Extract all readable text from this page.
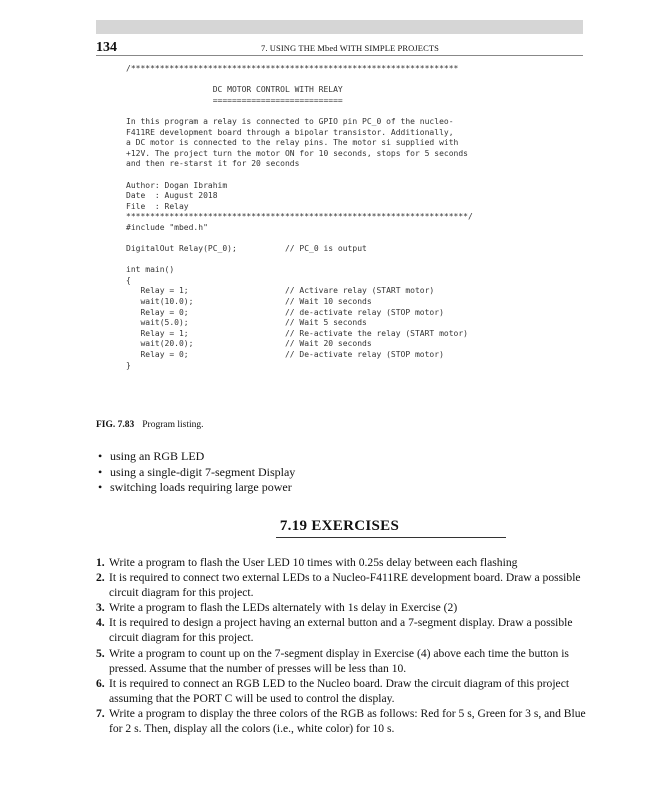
134	7. USING THE Mbed WITH SIMPLE PROJECTS
/********************************************************************

DC MOTOR CONTROL WITH RELAY
===========================

In this program a relay is connected to GPIO pin PC_0 of the nucleo-
F411RE development board through a bipolar transistor. Additionally,
a DC motor is connected to the relay pins. The motor si supplied with
+12V. The project turn the motor ON for 10 seconds, stops for 5 seconds
and then re-starst it for 20 seconds

Author: Dogan Ibrahim
Date  : August 2018
File  : Relay
***********************************************************************/
#include "mbed.h"

DigitalOut Relay(PC_0);          // PC_0 is output

int main()
{
Relay = 1;                    // Activare relay (START motor)
wait(10.0);                   // Wait 10 seconds
Relay = 0;                    // de-activate relay (STOP motor)
wait(5.0);                    // Wait 5 seconds
Relay = 1;                    // Re-activate the relay (START motor)
wait(20.0);                   // Wait 20 seconds
Relay = 0;                    // De-activate relay (STOP motor)
}
FIG. 7.83 Program listing.
• using an RGB LED
• using a single-digit 7-segment Display
• switching loads requiring large power
7.19 EXERCISES
1. Write a program to flash the User LED 10 times with 0.25s delay between each flashing
2. It is required to connect two external LEDs to a Nucleo-F411RE development board. Draw a possible circuit diagram for this project.
3. Write a program to flash the LEDs alternately with 1s delay in Exercise (2)
4. It is required to design a project having an external button and a 7-segment display. Draw a possible circuit diagram for this project.
5. Write a program to count up on the 7-segment display in Exercise (4) above each time the button is pressed. Assume that the number of presses will be less than 10.
6. It is required to connect an RGB LED to the Nucleo board. Draw the circuit diagram of this project assuming that the PORT C will be used to control the display.
7. Write a program to display the three colors of the RGB as follows: Red for 5 s, Green for 3 s, and Blue for 2 s. Then, display all the colors (i.e., white color) for 10 s.
